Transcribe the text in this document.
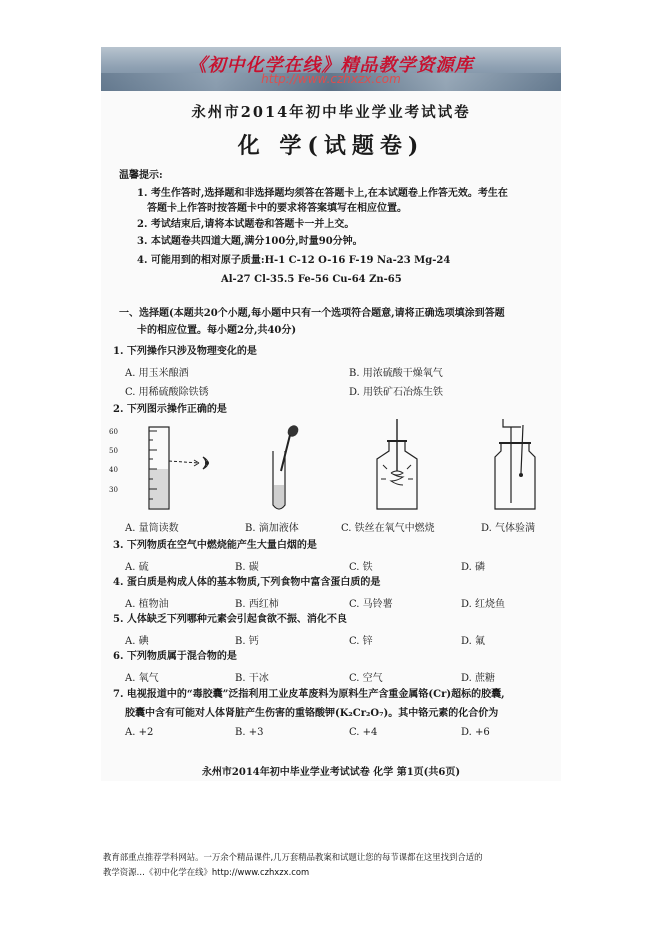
《初中化学在线》精品教学资源库
http://www.czhxzx.com
永州市2014年初中毕业学业考试试卷
化 学(试题卷)
温馨提示:
1. 考生作答时,选择题和非选择题均须答在答题卡上,在本试题卷上作答无效。考生在
答题卡上作答时按答题卡中的要求将答案填写在相应位置。
2. 考试结束后,请将本试题卷和答题卡一并上交。
3. 本试题卷共四道大题,满分100分,时量90分钟。
4. 可能用到的相对原子质量:H-1 C-12 O-16 F-19 Na-23 Mg-24
Al-27 Cl-35.5 Fe-56 Cu-64 Zn-65
一、选择题(本题共20个小题,每小题中只有一个选项符合题意,请将正确选项填涂到答题
卡的相应位置。每小题2分,共40分)
1. 下列操作只涉及物理变化的是
A. 用玉米酿酒	B. 用浓硫酸干燥氧气
C. 用稀硫酸除铁锈	D. 用铁矿石冶炼生铁
2. 下列图示操作正确的是
60
50
40
30
A. 量筒读数	B. 滴加液体	C. 铁丝在氧气中燃烧	D. 气体验满
3. 下列物质在空气中燃烧能产生大量白烟的是
A. 硫	B. 碳	C. 铁	D. 磷
4. 蛋白质是构成人体的基本物质,下列食物中富含蛋白质的是
A. 植物油	B. 西红柿	C. 马铃薯	D. 红烧鱼
5. 人体缺乏下列哪种元素会引起食欲不振、消化不良
A. 碘	B. 钙	C. 锌	D. 氟
6. 下列物质属于混合物的是
A. 氧气	B. 干冰	C. 空气	D. 蔗糖
7. 电视报道中的“毒胶囊”泛指利用工业皮革废料为原料生产含重金属铬(Cr)超标的胶囊,
胶囊中含有可能对人体肾脏产生伤害的重铬酸钾(K₂Cr₂O₇)。其中铬元素的化合价为
A. +2	B. +3	C. +4	D. +6
永州市2014年初中毕业学业考试试卷 化学 第1页(共6页)
教育部重点推荐学科网站。一万余个精品课件,几万套精品教案和试题让您的每节课都在这里找到合适的
教学资源…《初中化学在线》http://www.czhxzx.com
